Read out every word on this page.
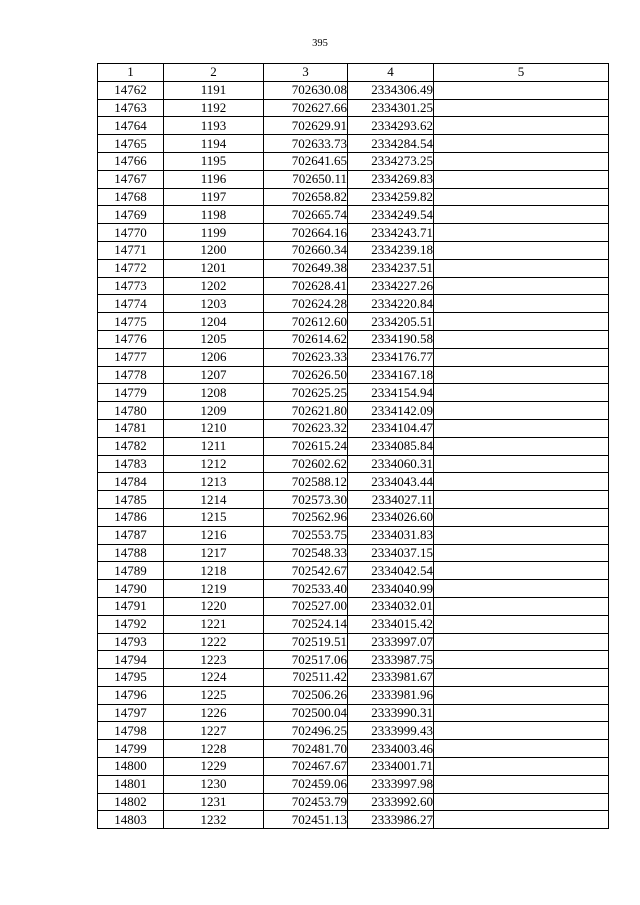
395
1	2	3	4	5
14762	1191	702630.08	2334306.49	
14763	1192	702627.66	2334301.25	
14764	1193	702629.91	2334293.62	
14765	1194	702633.73	2334284.54	
14766	1195	702641.65	2334273.25	
14767	1196	702650.11	2334269.83	
14768	1197	702658.82	2334259.82	
14769	1198	702665.74	2334249.54	
14770	1199	702664.16	2334243.71	
14771	1200	702660.34	2334239.18	
14772	1201	702649.38	2334237.51	
14773	1202	702628.41	2334227.26	
14774	1203	702624.28	2334220.84	
14775	1204	702612.60	2334205.51	
14776	1205	702614.62	2334190.58	
14777	1206	702623.33	2334176.77	
14778	1207	702626.50	2334167.18	
14779	1208	702625.25	2334154.94	
14780	1209	702621.80	2334142.09	
14781	1210	702623.32	2334104.47	
14782	1211	702615.24	2334085.84	
14783	1212	702602.62	2334060.31	
14784	1213	702588.12	2334043.44	
14785	1214	702573.30	2334027.11	
14786	1215	702562.96	2334026.60	
14787	1216	702553.75	2334031.83	
14788	1217	702548.33	2334037.15	
14789	1218	702542.67	2334042.54	
14790	1219	702533.40	2334040.99	
14791	1220	702527.00	2334032.01	
14792	1221	702524.14	2334015.42	
14793	1222	702519.51	2333997.07	
14794	1223	702517.06	2333987.75	
14795	1224	702511.42	2333981.67	
14796	1225	702506.26	2333981.96	
14797	1226	702500.04	2333990.31	
14798	1227	702496.25	2333999.43	
14799	1228	702481.70	2334003.46	
14800	1229	702467.67	2334001.71	
14801	1230	702459.06	2333997.98	
14802	1231	702453.79	2333992.60	
14803	1232	702451.13	2333986.27	
